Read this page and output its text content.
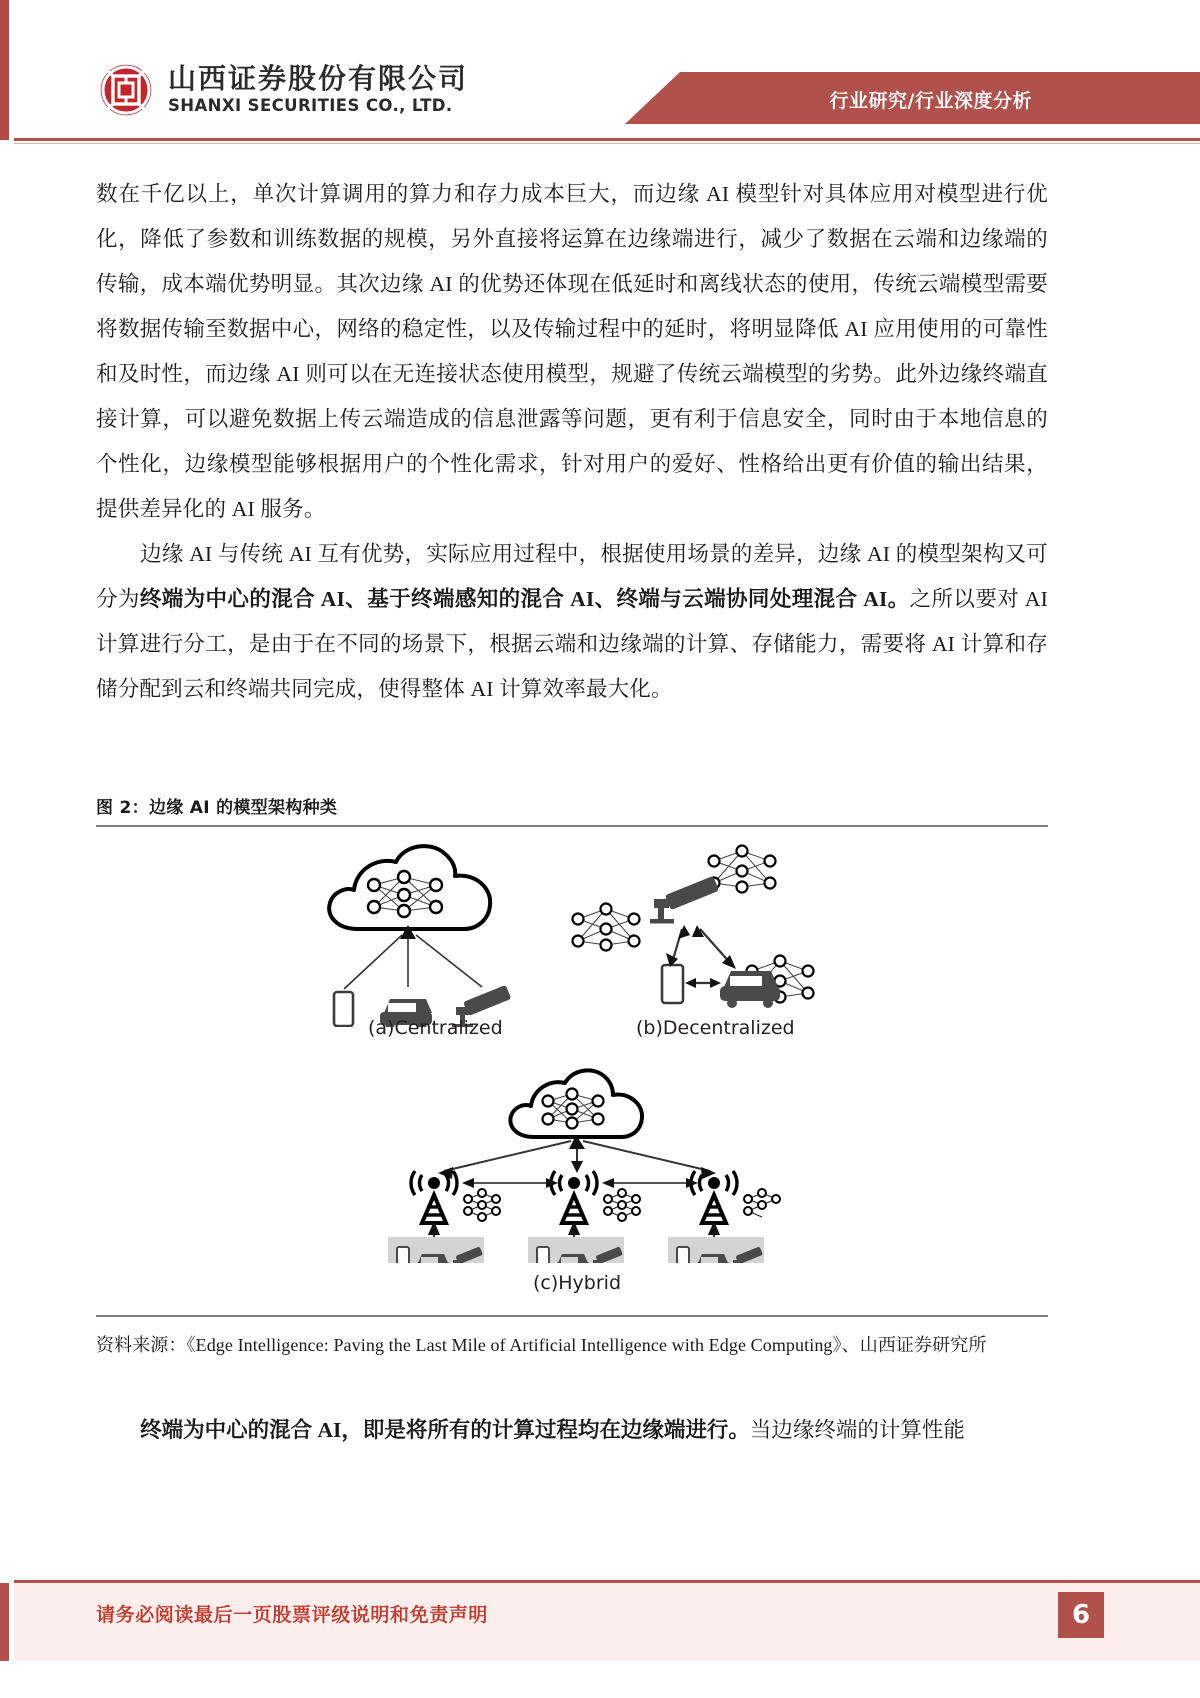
山西证券股份有限公司
SHANXI SECURITIES CO., LTD.	行业研究/行业深度分析

数在千亿以上，单次计算调用的算力和存力成本巨大，而边缘 AI 模型针对具体应用对模型进行优化，降低了参数和训练数据的规模，另外直接将运算在边缘端进行，减少了数据在云端和边缘端的传输，成本端优势明显。其次边缘 AI 的优势还体现在低延时和离线状态的使用，传统云端模型需要将数据传输至数据中心，网络的稳定性，以及传输过程中的延时，将明显降低 AI 应用使用的可靠性和及时性，而边缘 AI 则可以在无连接状态使用模型，规避了传统云端模型的劣势。此外边缘终端直接计算，可以避免数据上传云端造成的信息泄露等问题，更有利于信息安全，同时由于本地信息的个性化，边缘模型能够根据用户的个性化需求，针对用户的爱好、性格给出更有价值的输出结果，提供差异化的 AI 服务。

边缘 AI 与传统 AI 互有优势，实际应用过程中，根据使用场景的差异，边缘 AI 的模型架构又可分为终端为中心的混合 AI、基于终端感知的混合 AI、终端与云端协同处理混合 AI。之所以要对 AI 计算进行分工，是由于在不同的场景下，根据云端和边缘端的计算、存储能力，需要将 AI 计算和存储分配到云和终端共同完成，使得整体 AI 计算效率最大化。

图 2：边缘 AI 的模型架构种类
(a)Centralized	(b)Decentralized
(c)Hybrid
资料来源：《Edge Intelligence: Paving the Last Mile of Artificial Intelligence with Edge Computing》、山西证券研究所
终端为中心的混合 AI，即是将所有的计算过程均在边缘端进行。当边缘终端的计算性能
请务必阅读最后一页股票评级说明和免责声明	6
